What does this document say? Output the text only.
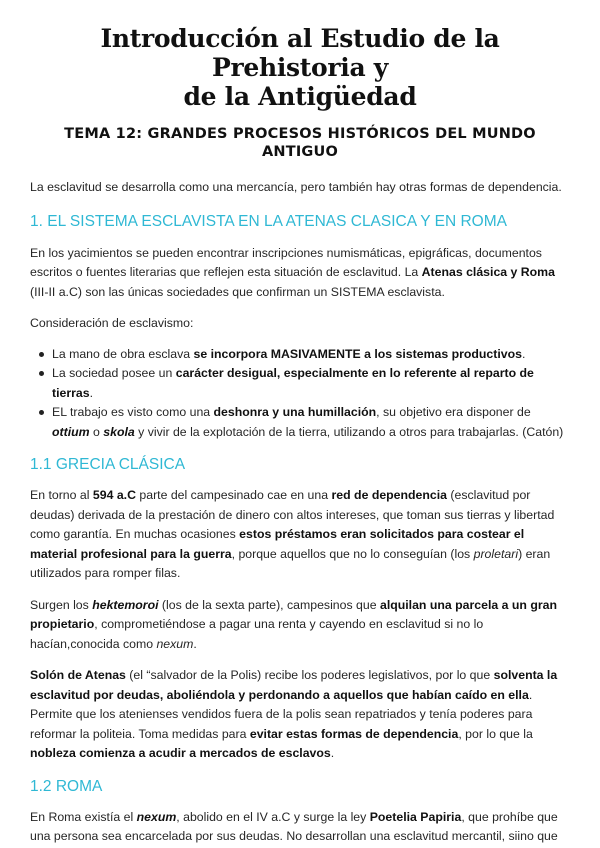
Introducción al Estudio de la Prehistoria y
de la Antigüedad
TEMA 12: GRANDES PROCESOS HISTÓRICOS DEL MUNDO ANTIGUO

La esclavitud se desarrolla como una mercancía, pero también hay otras formas de dependencia.

1. EL SISTEMA ESCLAVISTA EN LA ATENAS CLASICA Y EN ROMA

En los yacimientos se pueden encontrar inscripciones numismáticas, epigráficas, documentos escritos o fuentes literarias que reflejen esta situación de esclavitud. La Atenas clásica y Roma (III-II a.C) son las únicas sociedades que confirman un SISTEMA esclavista.

Consideración de esclavismo:

La mano de obra esclava se incorpora MASIVAMENTE a los sistemas productivos.
La sociedad posee un carácter desigual, especialmente en lo referente al reparto de tierras.
EL trabajo es visto como una deshonra y una humillación, su objetivo era disponer de ottium o skola y vivir de la explotación de la tierra, utilizando a otros para trabajarlas. (Catón)
1.1 GRECIA CLÁSICA

En torno al 594 a.C parte del campesinado cae en una red de dependencia (esclavitud por deudas) derivada de la prestación de dinero con altos intereses, que toman sus tierras y libertad como garantía. En muchas ocasiones estos préstamos eran solicitados para costear el material profesional para la guerra, porque aquellos que no lo conseguían (los proletari) eran utilizados para romper filas.

Surgen los hektemoroi (los de la sexta parte), campesinos que alquilan una parcela a un gran propietario, comprometiéndose a pagar una renta y cayendo en esclavitud si no lo hacían,conocida como nexum.

Solón de Atenas (el “salvador de la Polis) recibe los poderes legislativos, por lo que solventa la esclavitud por deudas, aboliéndola y perdonando a aquellos que habían caído en ella. Permite que los atenienses vendidos fuera de la polis sean repatriados y tenía poderes para reformar la politeia. Toma medidas para evitar estas formas de dependencia, por lo que la nobleza comienza a acudir a mercados de esclavos.

1.2 ROMA

En Roma existía el nexum, abolido en el IV a.C y surge la ley Poetelia Papiria, que prohíbe que una persona sea encarcelada por sus deudas. No desarrollan una esclavitud mercantil, siino que
